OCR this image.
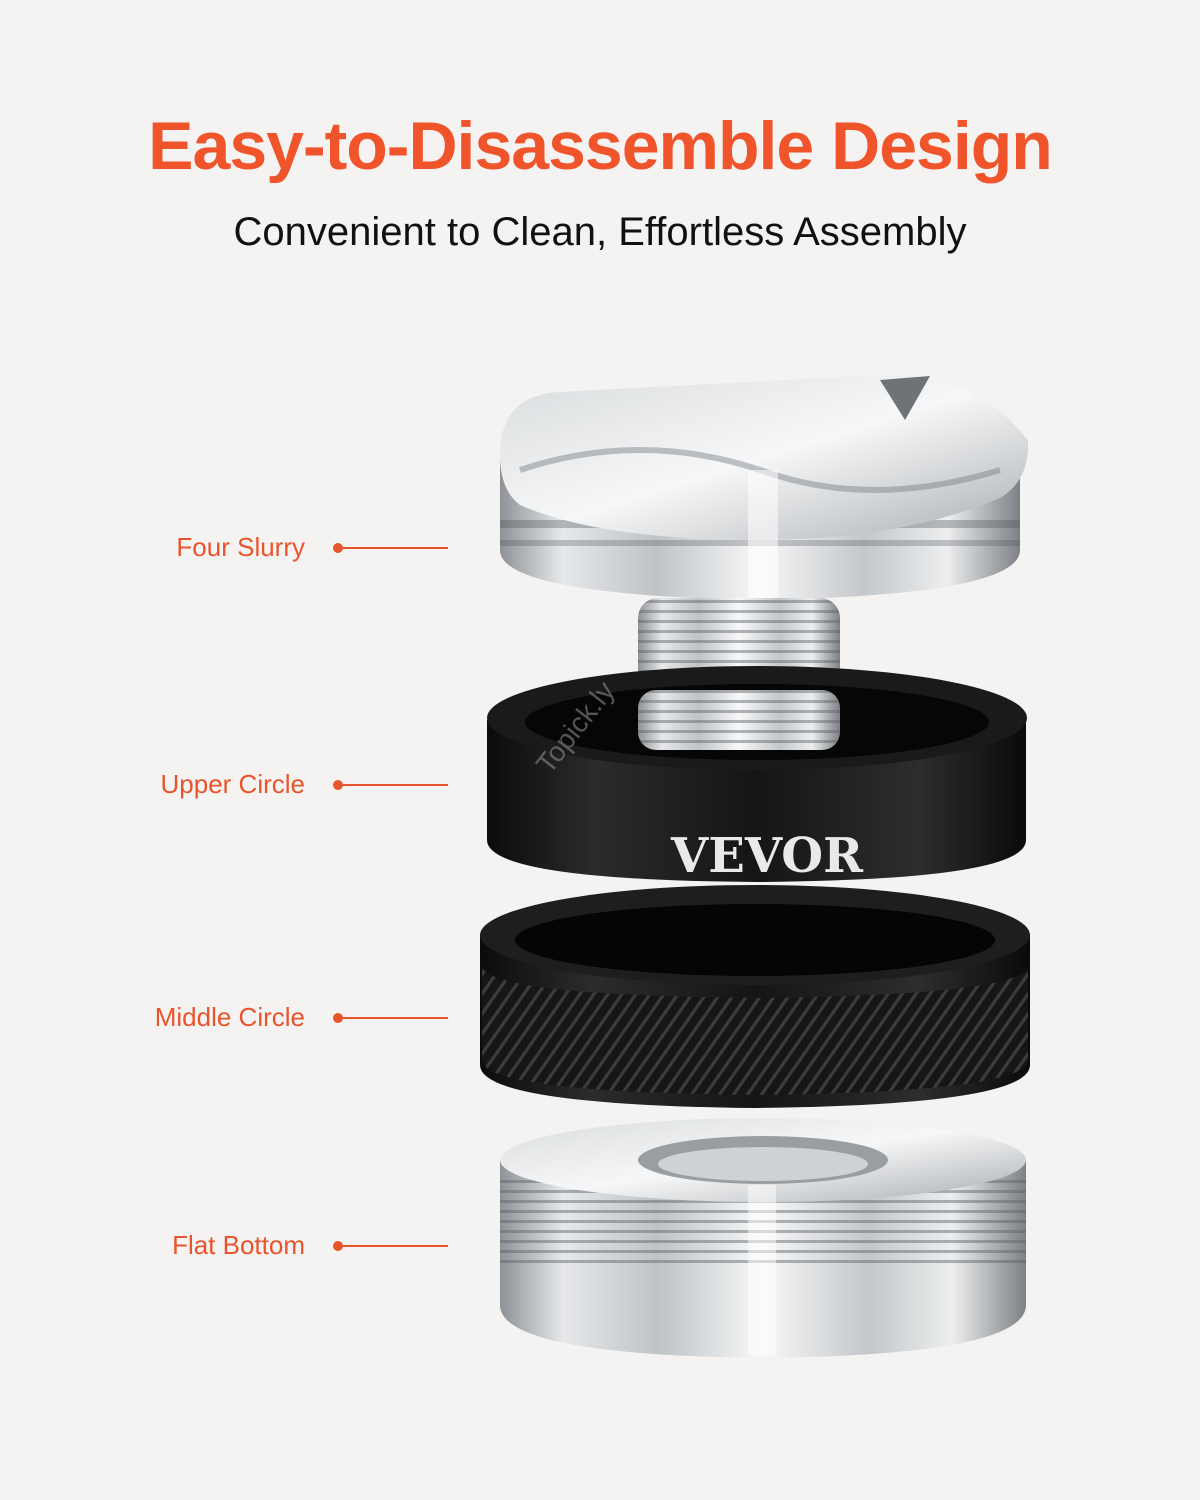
Easy-to-Disassemble Design
Convenient to Clean, Effortless Assembly
VEVOR
Topick.ly
Four Slurry
Upper Circle
Middle Circle
Flat Bottom
